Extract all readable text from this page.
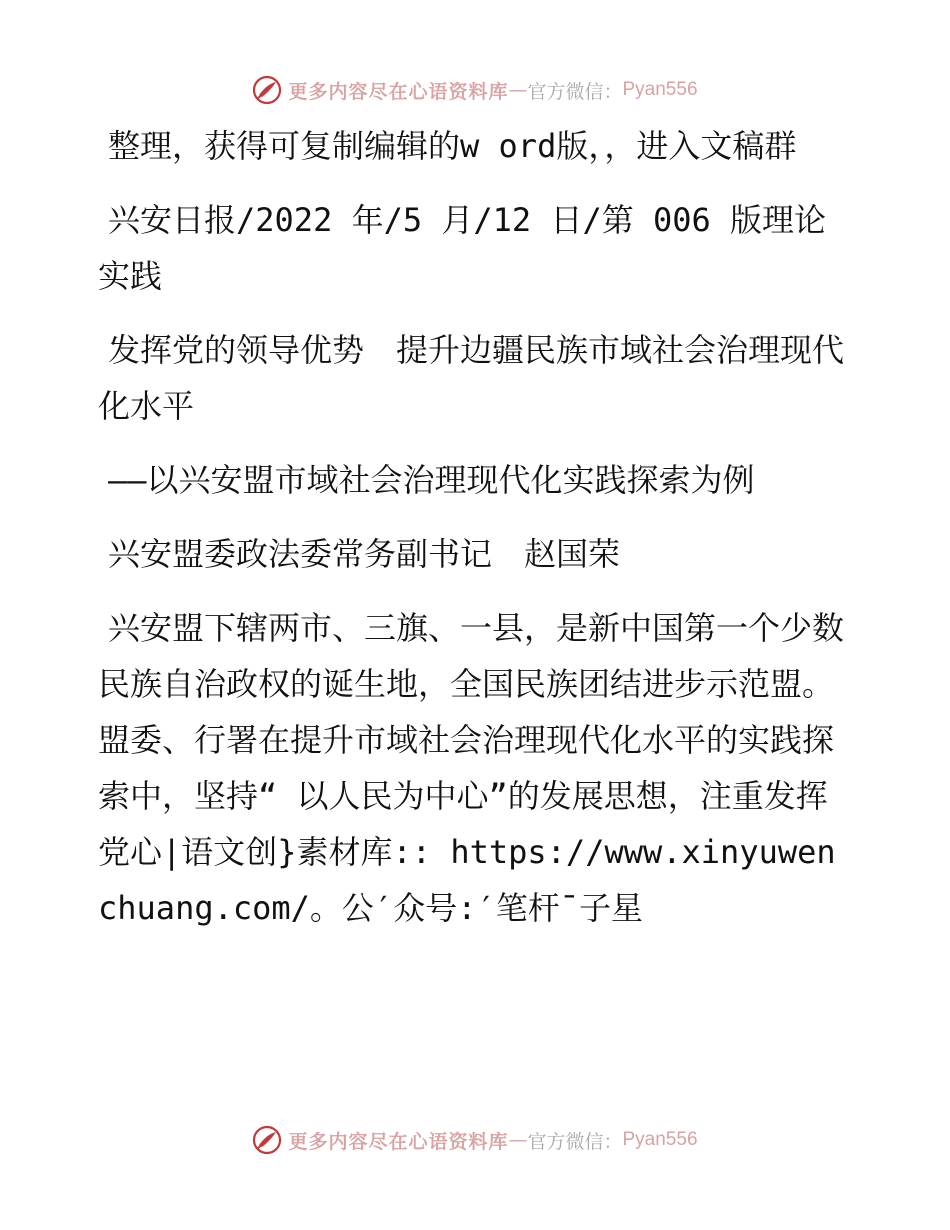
更多内容尽在心语资料库 — 官方微信： Pyan556

整理，获得可复制编辑的w ord版，，进入文稿群

兴安日报/2022 年/5 月/12 日/第 006 版理论实践

发挥党的领导优势　提升边疆民族市域社会治理现代化水平

——以兴安盟市域社会治理现代化实践探索为例

兴安盟委政法委常务副书记　赵国荣

兴安盟下辖两市、三旗、一县，是新中国第一个少数民族自治政权的诞生地，全国民族团结进步示范盟。盟委、行署在提升市域社会治理现代化水平的实践探索中，坚持“ 以人民为中心”的发展思想，注重发挥党心|语文创}素材库:: https://www.xinyuwenchuang.com/。公′众号:′笔杆¯子星

更多内容尽在心语资料库 — 官方微信： Pyan556
